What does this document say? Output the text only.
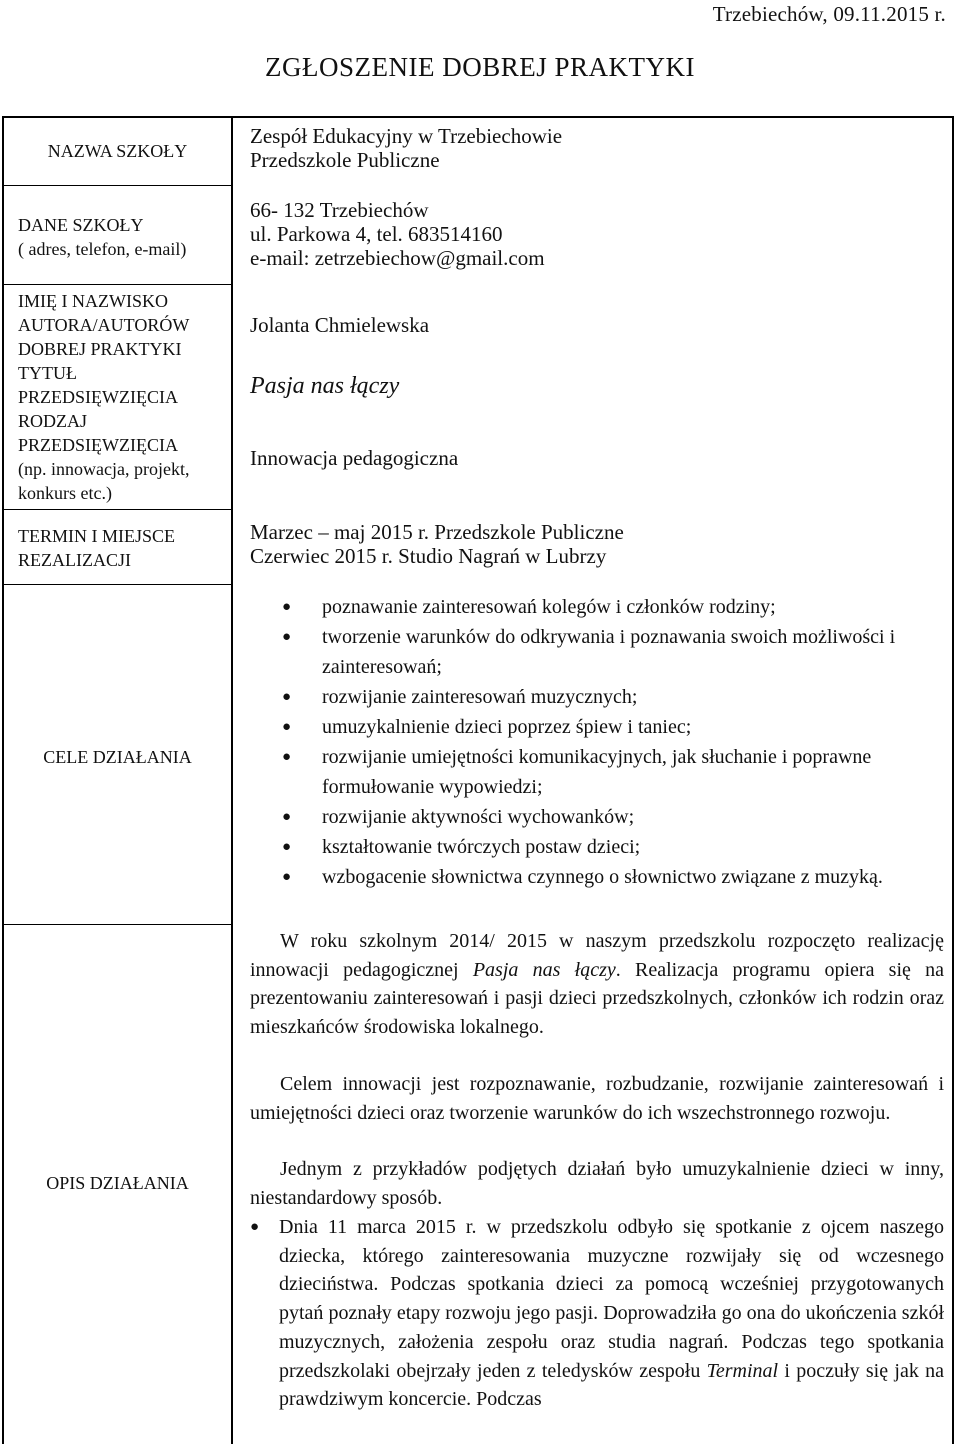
Trzebiechów, 09.11.2015 r.
ZGŁOSZENIE DOBREJ PRAKTYKI
NAZWA SZKOŁY
DANE SZKOŁY
( adres, telefon, e-mail)
IMIĘ I NAZWISKO
AUTORA/AUTORÓW
DOBREJ PRAKTYKI
TYTUŁ
PRZEDSIĘWZIĘCIA
RODZAJ
PRZEDSIĘWZIĘCIA
(np. innowacja, projekt,
konkurs etc.)
TERMIN I MIEJSCE
REZALIZACJI
CELE DZIAŁANIA
OPIS DZIAŁANIA
Zespół Edukacyjny w Trzebiechowie
Przedszkole Publiczne
66- 132 Trzebiechów
ul. Parkowa 4, tel. 683514160
e-mail: zetrzebiechow@gmail.com
Jolanta Chmielewska
Pasja nas łączy
Innowacja pedagogiczna
Marzec – maj 2015 r. Przedszkole Publiczne
Czerwiec 2015 r. Studio Nagrań w Lubrzy
● poznawanie zainteresowań kolegów i członków rodziny;
● tworzenie warunków do odkrywania i poznawania swoich możliwości i zainteresowań;
● rozwijanie zainteresowań muzycznych;
● umuzykalnienie dzieci poprzez śpiew i taniec;
● rozwijanie umiejętności komunikacyjnych, jak słuchanie i poprawne formułowanie wypowiedzi;
● rozwijanie aktywności wychowanków;
● kształtowanie twórczych postaw dzieci;
● wzbogacenie słownictwa czynnego o słownictwo związane z muzyką.

W roku szkolnym 2014/ 2015 w naszym przedszkolu rozpoczęto realizację innowacji pedagogicznej Pasja nas łączy. Realizacja programu opiera się na prezentowaniu zainteresowań i pasji dzieci przedszkolnych, członków ich rodzin oraz mieszkańców środowiska lokalnego.

Celem innowacji jest rozpoznawanie, rozbudzanie, rozwijanie zainteresowań i umiejętności dzieci oraz tworzenie warunków do ich wszechstronnego rozwoju.

Jednym z przykładów podjętych działań było umuzykalnienie dzieci w inny, niestandardowy sposób.

● Dnia 11 marca 2015 r. w przedszkolu odbyło się spotkanie z ojcem naszego dziecka, którego zainteresowania muzyczne rozwijały się od wczesnego dzieciństwa. Podczas spotkania dzieci za pomocą wcześniej przygotowanych pytań poznały etapy rozwoju jego pasji. Doprowadziła go ona do ukończenia szkół muzycznych, założenia zespołu oraz studia nagrań. Podczas tego spotkania przedszkolaki obejrzały jeden z teledysków zespołu Terminal i poczuły się jak na prawdziwym koncercie. Podczas
